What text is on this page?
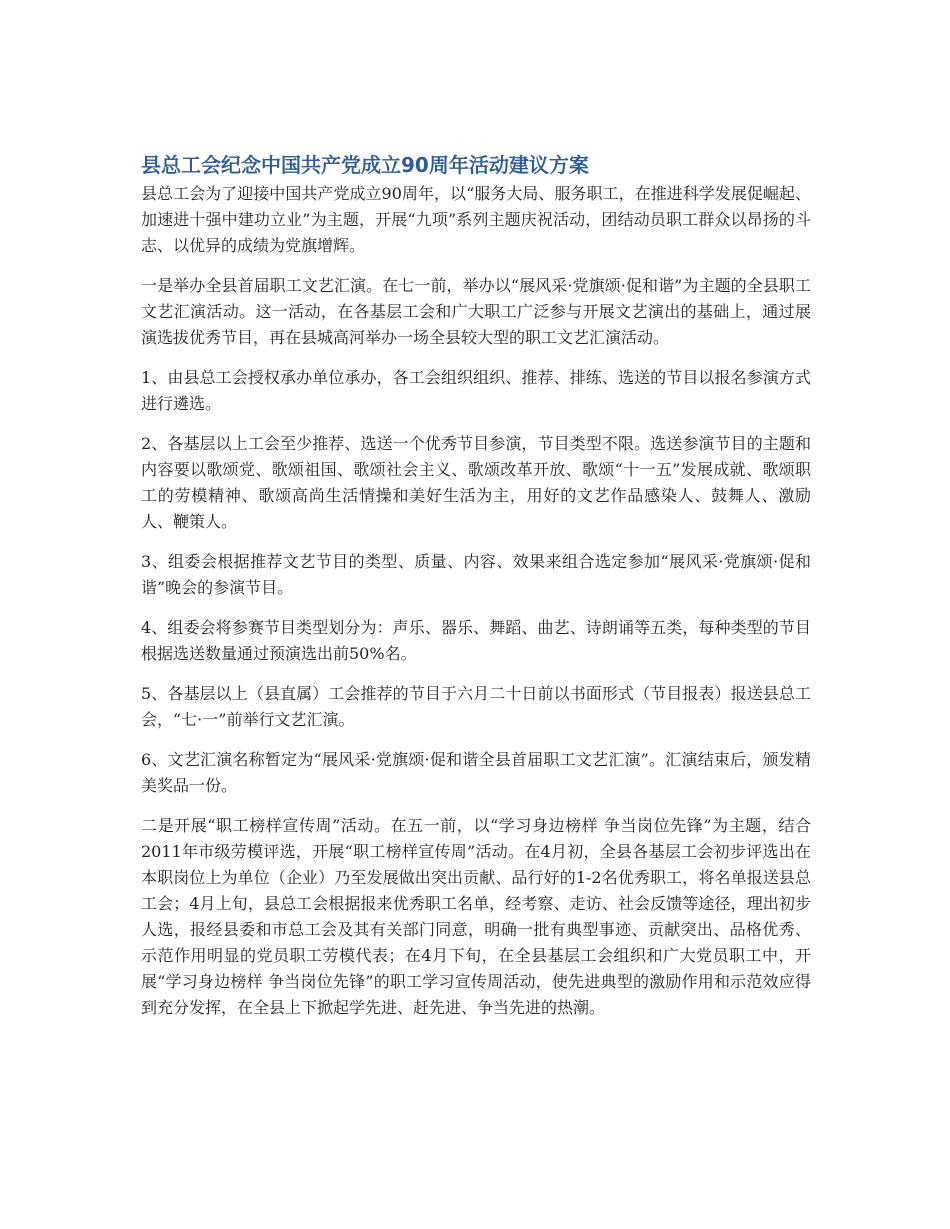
县总工会纪念中国共产党成立90周年活动建议方案

县总工会为了迎接中国共产党成立90周年，以“服务大局、服务职工，在推进科学发展促崛起、加速进十强中建功立业”为主题，开展“九项”系列主题庆祝活动，团结动员职工群众以昂扬的斗志、以优异的成绩为党旗增辉。

一是举办全县首届职工文艺汇演。在七一前，举办以“展风采·党旗颂·促和谐”为主题的全县职工文艺汇演活动。这一活动，在各基层工会和广大职工广泛参与开展文艺演出的基础上，通过展演选拔优秀节目，再在县城高河举办一场全县较大型的职工文艺汇演活动。

1、由县总工会授权承办单位承办，各工会组织组织、推荐、排练、选送的节目以报名参演方式进行遴选。

2、各基层以上工会至少推荐、选送一个优秀节目参演，节目类型不限。选送参演节目的主题和内容要以歌颂党、歌颂祖国、歌颂社会主义、歌颂改革开放、歌颂“十一五”发展成就、歌颂职工的劳模精神、歌颂高尚生活情操和美好生活为主，用好的文艺作品感染人、鼓舞人、激励人、鞭策人。

3、组委会根据推荐文艺节目的类型、质量、内容、效果来组合选定参加“展风采·党旗颂·促和谐”晚会的参演节目。

4、组委会将参赛节目类型划分为：声乐、器乐、舞蹈、曲艺、诗朗诵等五类，每种类型的节目根据选送数量通过预演选出前50%名。

5、各基层以上（县直属）工会推荐的节目于六月二十日前以书面形式（节目报表）报送县总工会，“七·一”前举行文艺汇演。

6、文艺汇演名称暂定为“展风采·党旗颂·促和谐全县首届职工文艺汇演”。汇演结束后，颁发精美奖品一份。

二是开展“职工榜样宣传周”活动。在五一前，以“学习身边榜样 争当岗位先锋”为主题，结合2011年市级劳模评选，开展“职工榜样宣传周”活动。在4月初，全县各基层工会初步评选出在本职岗位上为单位（企业）乃至发展做出突出贡献、品行好的1-2名优秀职工，将名单报送县总工会；4月上旬，县总工会根据报来优秀职工名单，经考察、走访、社会反馈等途径，理出初步人选，报经县委和市总工会及其有关部门同意，明确一批有典型事迹、贡献突出、品格优秀、示范作用明显的党员职工劳模代表；在4月下旬，在全县基层工会组织和广大党员职工中，开展“学习身边榜样 争当岗位先锋”的职工学习宣传周活动，使先进典型的激励作用和示范效应得到充分发挥，在全县上下掀起学先进、赶先进、争当先进的热潮。
